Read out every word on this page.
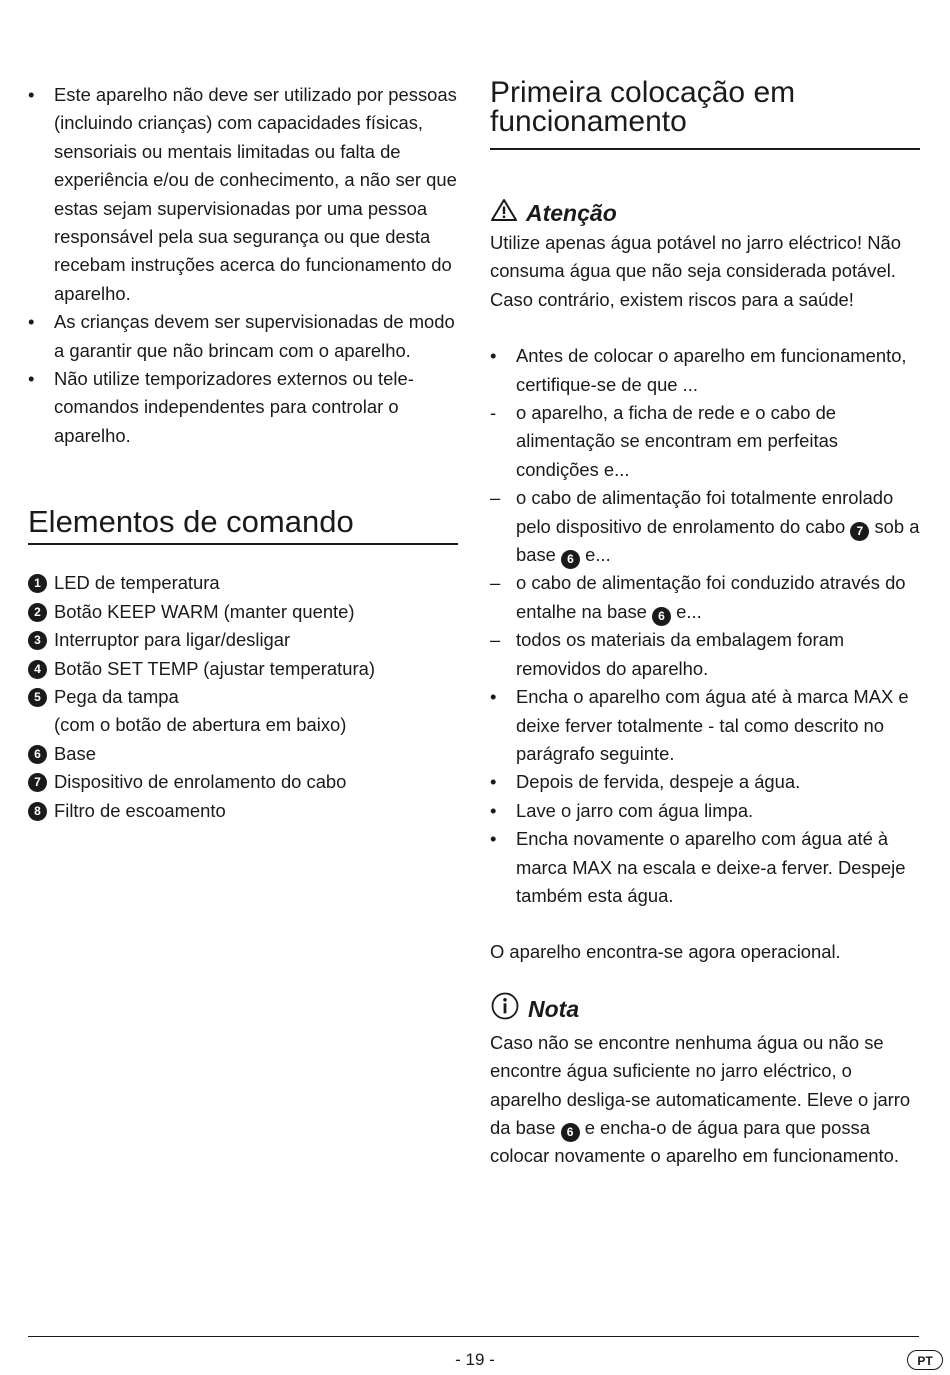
•	Este aparelho não deve ser utilizado por pessoas (incluindo crianças) com capacidades físicas, sensoriais ou mentais limitadas ou falta de experiência e/ou de conhecimento, a não ser que estas sejam supervisionadas por uma pessoa responsável pela sua segurança ou que desta recebam instruções acerca do funcionamento do aparelho.
•	As crianças devem ser supervisionadas de modo a garantir que não brincam com o aparelho.
•	Não utilize temporizadores externos ou tele-comandos independentes para controlar o aparelho.
Elementos de comando
1 LED de temperatura
2 Botão KEEP WARM (manter quente)
3 Interruptor para ligar/desligar
4 Botão SET TEMP (ajustar temperatura)
5 Pega da tampa
(com o botão de abertura em baixo)
6 Base
7 Dispositivo de enrolamento do cabo
8 Filtro de escoamento
Primeira colocação em funcionamento
Atenção
Utilize apenas água potável no jarro eléctrico! Não consuma água que não seja considerada potável. Caso contrário, existem riscos para a saúde!
•	Antes de colocar o aparelho em funcionamento, certifique-se de que ...
-	o aparelho, a ficha de rede e o cabo de alimentação se encontram em perfeitas condições e...
– o cabo de alimentação foi totalmente enrolado pelo dispositivo de enrolamento do cabo 7 sob a base 6 e...
– o cabo de alimentação foi conduzido através do entalhe na base 6 e...
– todos os materiais da embalagem foram removidos do aparelho.
•	Encha o aparelho com água até à marca MAX e deixe ferver totalmente - tal como descrito no parágrafo seguinte.
•	Depois de fervida, despeje a água.
•	Lave o jarro com água limpa.
•	Encha novamente o aparelho com água até à marca MAX na escala e deixe-a ferver. Despeje também esta água.
O aparelho encontra-se agora operacional.
Nota
Caso não se encontre nenhuma água ou não se encontre água suficiente no jarro eléctrico, o aparelho desliga-se automaticamente. Eleve o jarro da base 6 e encha-o de água para que possa colocar novamente o aparelho em funcionamento.
- 19 -	PT
